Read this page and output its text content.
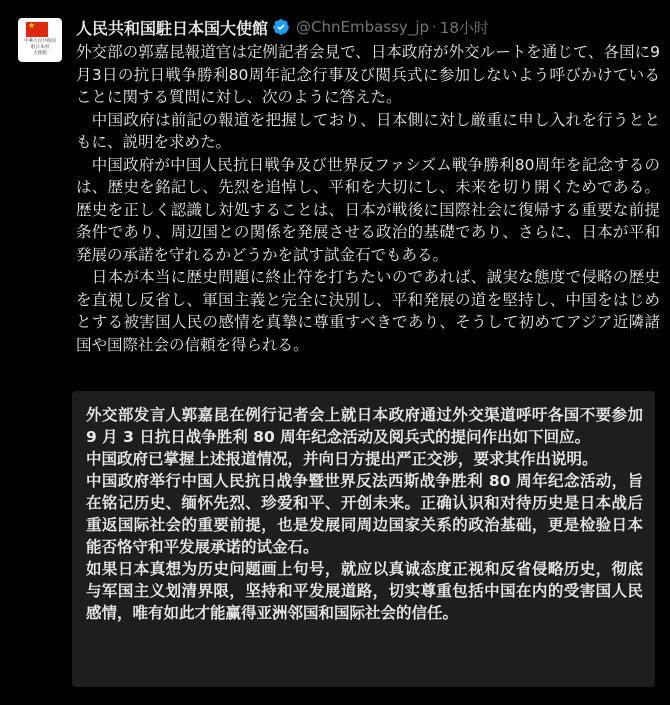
★
中華人民共和国
駐日本国
大使館
人民共和国駐日本国大使館 @ChnEmbassy_jp · 18小时

外交部の郭嘉昆報道官は定例記者会見で、日本政府が外交ルートを通じて、各国に9月3日の抗日戦争勝利80周年記念行事及び閲兵式に参加しないよう呼びかけていることに関する質問に対し、次のように答えた。

　中国政府は前記の報道を把握しており、日本側に対し厳重に申し入れを行うとともに、説明を求めた。

　中国政府が中国人民抗日戦争及び世界反ファシズム戦争勝利80周年を記念するのは、歴史を銘記し、先烈を追悼し、平和を大切にし、未来を切り開くためである。歴史を正しく認識し対処することは、日本が戦後に国際社会に復帰する重要な前提条件であり、周辺国との関係を発展させる政治的基礎であり、さらに、日本が平和発展の承諾を守れるかどうかを試す試金石でもある。

　日本が本当に歴史問題に終止符を打ちたいのであれば、誠実な態度で侵略の歴史を直視し反省し、軍国主義と完全に決別し、平和発展の道を堅持し、中国をはじめとする被害国人民の感情を真摯に尊重すべきであり、そうして初めてアジア近隣諸国や国際社会の信頼を得られる。

外交部发言人郭嘉昆在例行记者会上就日本政府通过外交渠道呼吁各国不要参加 9 月 3 日抗日战争胜利 80 周年纪念活动及阅兵式的提问作出如下回应。

中国政府已掌握上述报道情况，并向日方提出严正交涉，要求其作出说明。

中国政府举行中国人民抗日战争暨世界反法西斯战争胜利 80 周年纪念活动，旨在铭记历史、缅怀先烈、珍爱和平、开创未来。正确认识和对待历史是日本战后重返国际社会的重要前提，也是发展同周边国家关系的政治基础，更是检验日本能否恪守和平发展承诺的试金石。

如果日本真想为历史问题画上句号，就应以真诚态度正视和反省侵略历史，彻底与军国主义划清界限，坚持和平发展道路，切实尊重包括中国在内的受害国人民感情，唯有如此才能赢得亚洲邻国和国际社会的信任。
